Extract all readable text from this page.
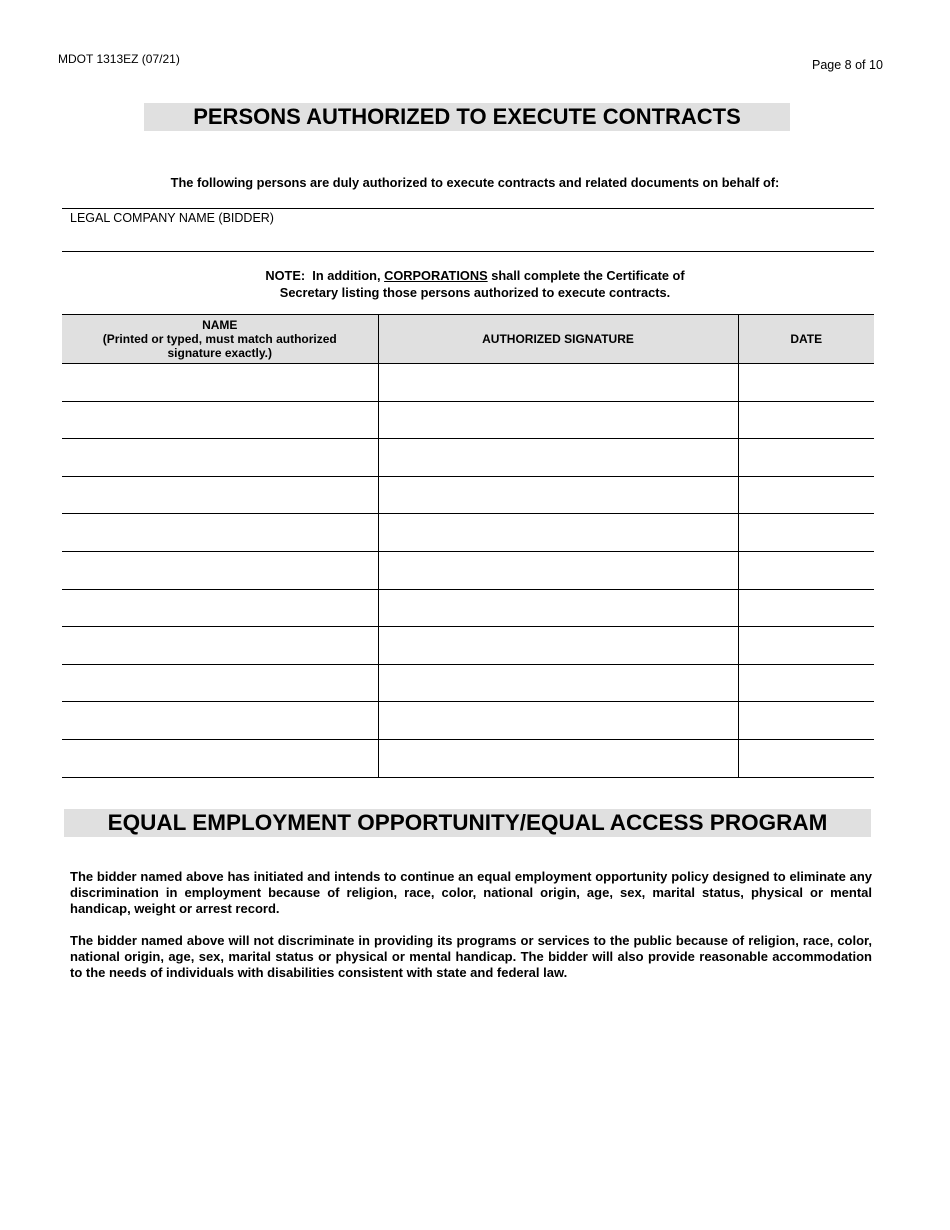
MDOT 1313EZ (07/21)	Page 8 of 10
PERSONS AUTHORIZED TO EXECUTE CONTRACTS
The following persons are duly authorized to execute contracts and related documents on behalf of:
LEGAL COMPANY NAME (BIDDER)
NOTE:  In addition, CORPORATIONS shall complete the Certificate of
Secretary listing those persons authorized to execute contracts.
NAME
(Printed or typed, must match authorized signature exactly.)	AUTHORIZED SIGNATURE	DATE

EQUAL EMPLOYMENT OPPORTUNITY/EQUAL ACCESS PROGRAM
The bidder named above has initiated and intends to continue an equal employment opportunity policy designed to eliminate any discrimination in employment because of religion, race, color, national origin, age, sex, marital status, physical or mental handicap, weight or arrest record.
The bidder named above will not discriminate in providing its programs or services to the public because of religion, race, color, national origin, age, sex, marital status or physical or mental handicap. The bidder will also provide reasonable accommodation to the needs of individuals with disabilities consistent with state and federal law.
